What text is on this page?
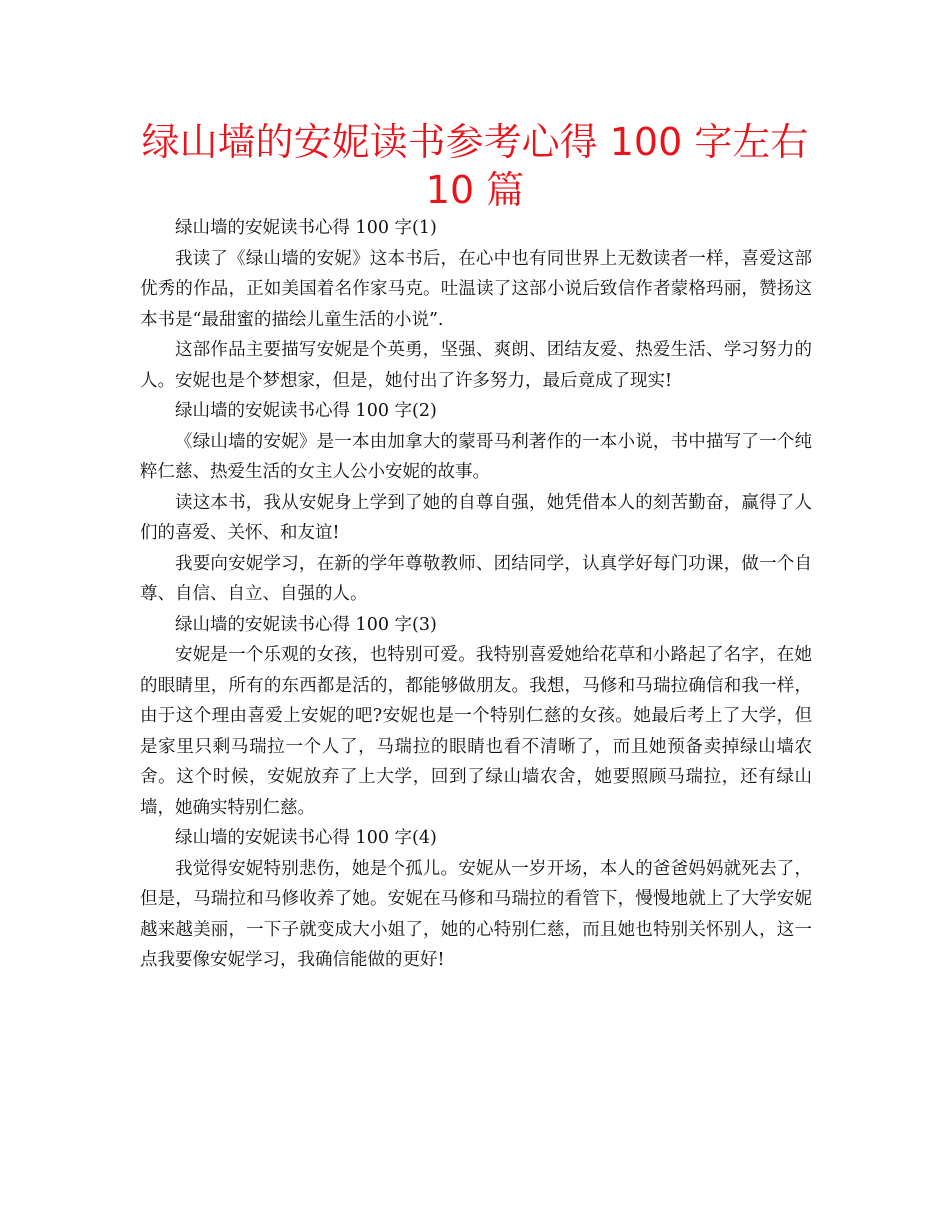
绿山墙的安妮读书参考心得 100 字左右 10 篇

绿山墙的安妮读书心得 100 字(1)

我读了《绿山墙的安妮》这本书后，在心中也有同世界上无数读者一样，喜爱这部优秀的作品，正如美国着名作家马克。吐温读了这部小说后致信作者蒙格玛丽，赞扬这本书是“最甜蜜的描绘儿童生活的小说”.

这部作品主要描写安妮是个英勇，坚强、爽朗、团结友爱、热爱生活、学习努力的人。安妮也是个梦想家，但是，她付出了许多努力，最后竟成了现实!

绿山墙的安妮读书心得 100 字(2)

《绿山墙的安妮》是一本由加拿大的蒙哥马利著作的一本小说，书中描写了一个纯粹仁慈、热爱生活的女主人公小安妮的故事。

读这本书，我从安妮身上学到了她的自尊自强，她凭借本人的刻苦勤奋，赢得了人们的喜爱、关怀、和友谊!

我要向安妮学习，在新的学年尊敬教师、团结同学，认真学好每门功课，做一个自尊、自信、自立、自强的人。

绿山墙的安妮读书心得 100 字(3)

安妮是一个乐观的女孩，也特别可爱。我特别喜爱她给花草和小路起了名字，在她的眼睛里，所有的东西都是活的，都能够做朋友。我想，马修和马瑞拉确信和我一样，由于这个理由喜爱上安妮的吧?安妮也是一个特别仁慈的女孩。她最后考上了大学，但是家里只剩马瑞拉一个人了，马瑞拉的眼睛也看不清晰了，而且她预备卖掉绿山墙农舍。这个时候，安妮放弃了上大学，回到了绿山墙农舍，她要照顾马瑞拉，还有绿山墙，她确实特别仁慈。

绿山墙的安妮读书心得 100 字(4)

我觉得安妮特别悲伤，她是个孤儿。安妮从一岁开场，本人的爸爸妈妈就死去了，但是，马瑞拉和马修收养了她。安妮在马修和马瑞拉的看管下，慢慢地就上了大学安妮越来越美丽，一下子就变成大小姐了，她的心特别仁慈，而且她也特别关怀别人，这一点我要像安妮学习，我确信能做的更好!
